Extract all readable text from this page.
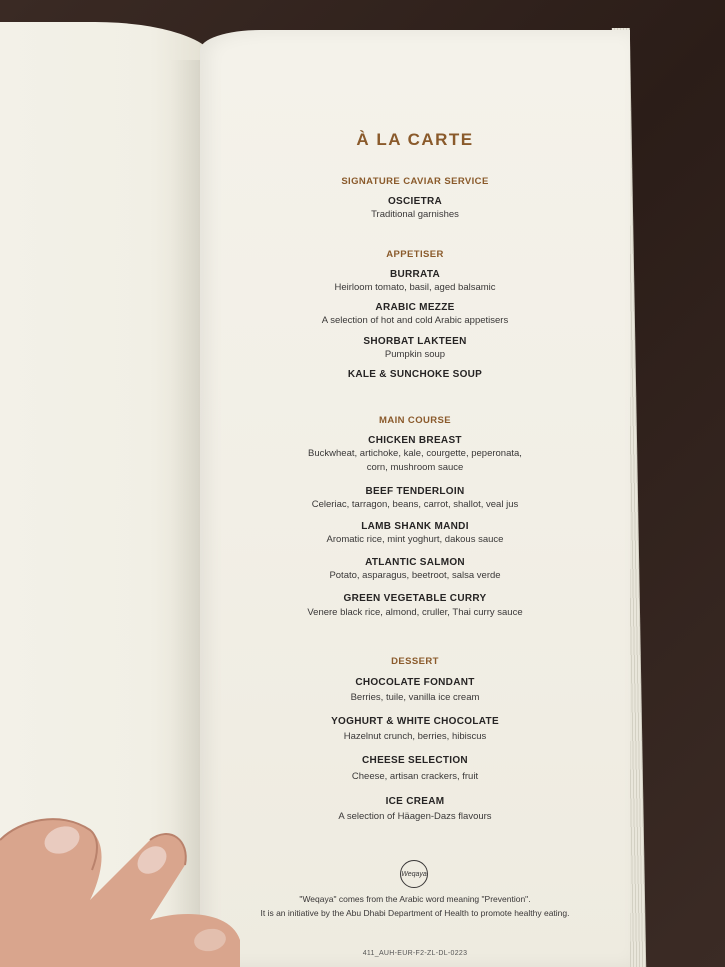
À LA CARTE
SIGNATURE CAVIAR SERVICE
OSCIETRA
Traditional garnishes
APPETISER
BURRATA
Heirloom tomato, basil, aged balsamic
ARABIC MEZZE
A selection of hot and cold Arabic appetisers
SHORBAT LAKTEEN
Pumpkin soup
KALE & SUNCHOKE SOUP
MAIN COURSE
CHICKEN BREAST
Buckwheat, artichoke, kale, courgette, peperonata,
corn, mushroom sauce
BEEF TENDERLOIN
Celeriac, tarragon, beans, carrot, shallot, veal jus
LAMB SHANK MANDI
Aromatic rice, mint yoghurt, dakous sauce
ATLANTIC SALMON
Potato, asparagus, beetroot, salsa verde
GREEN VEGETABLE CURRY
Venere black rice, almond, cruller, Thai curry sauce
DESSERT
CHOCOLATE FONDANT
Berries, tuile, vanilla ice cream
YOGHURT & WHITE CHOCOLATE
Hazelnut crunch, berries, hibiscus
CHEESE SELECTION
Cheese, artisan crackers, fruit
ICE CREAM
A selection of Häagen-Dazs flavours
Weqaya
"Weqaya" comes from the Arabic word meaning "Prevention".
It is an initiative by the Abu Dhabi Department of Health to promote healthy eating.
411_AUH-EUR-F2-ZL-DL-0223
